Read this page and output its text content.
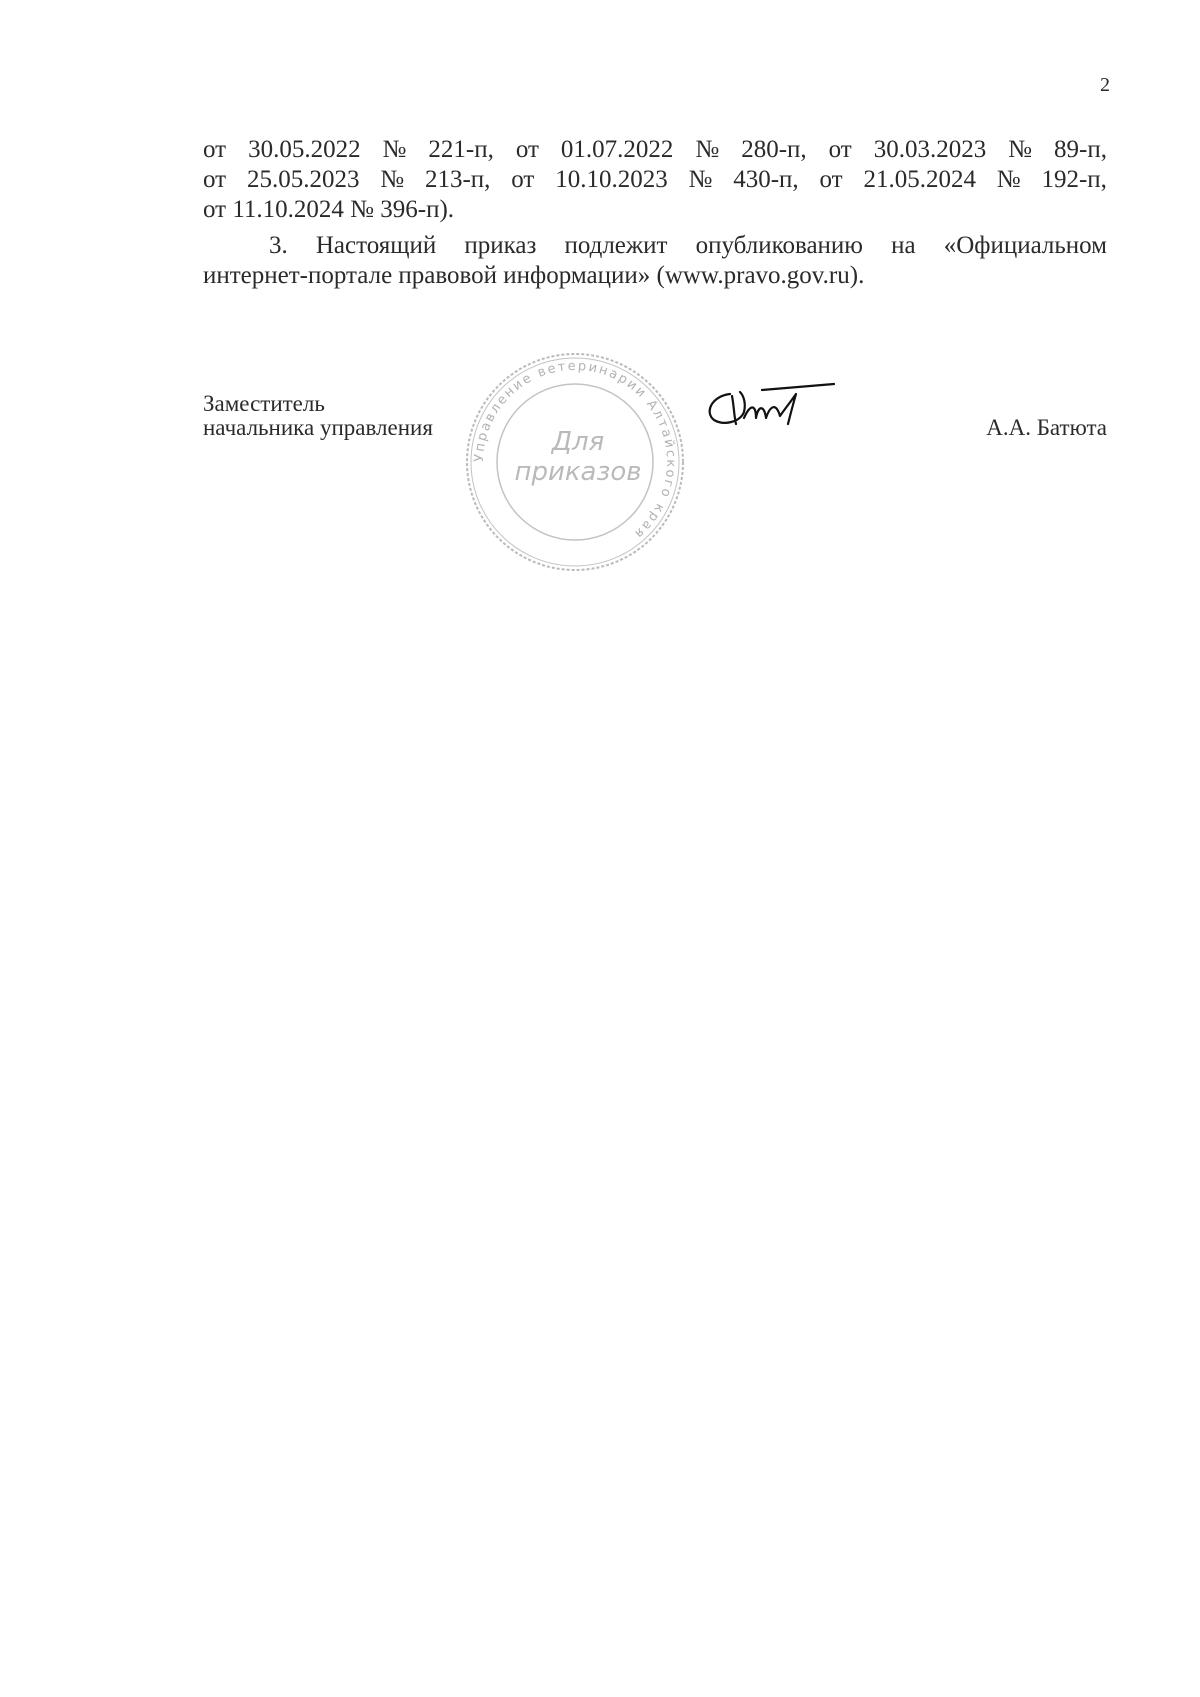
2
от 30.05.2022 № 221-п, от 01.07.2022 № 280-п, от 30.03.2023 № 89-п,
от 25.05.2023 № 213-п, от 10.10.2023 № 430-п, от 21.05.2024 № 192-п,
от 11.10.2024 № 396-п).
3. Настоящий приказ подлежит опубликованию на «Официальном
интернет-портале правовой информации» (www.pravo.gov.ru).
Заместитель
начальника управления
Управление ветеринарии Алтайского края
Для
приказов
А.А. Батюта
